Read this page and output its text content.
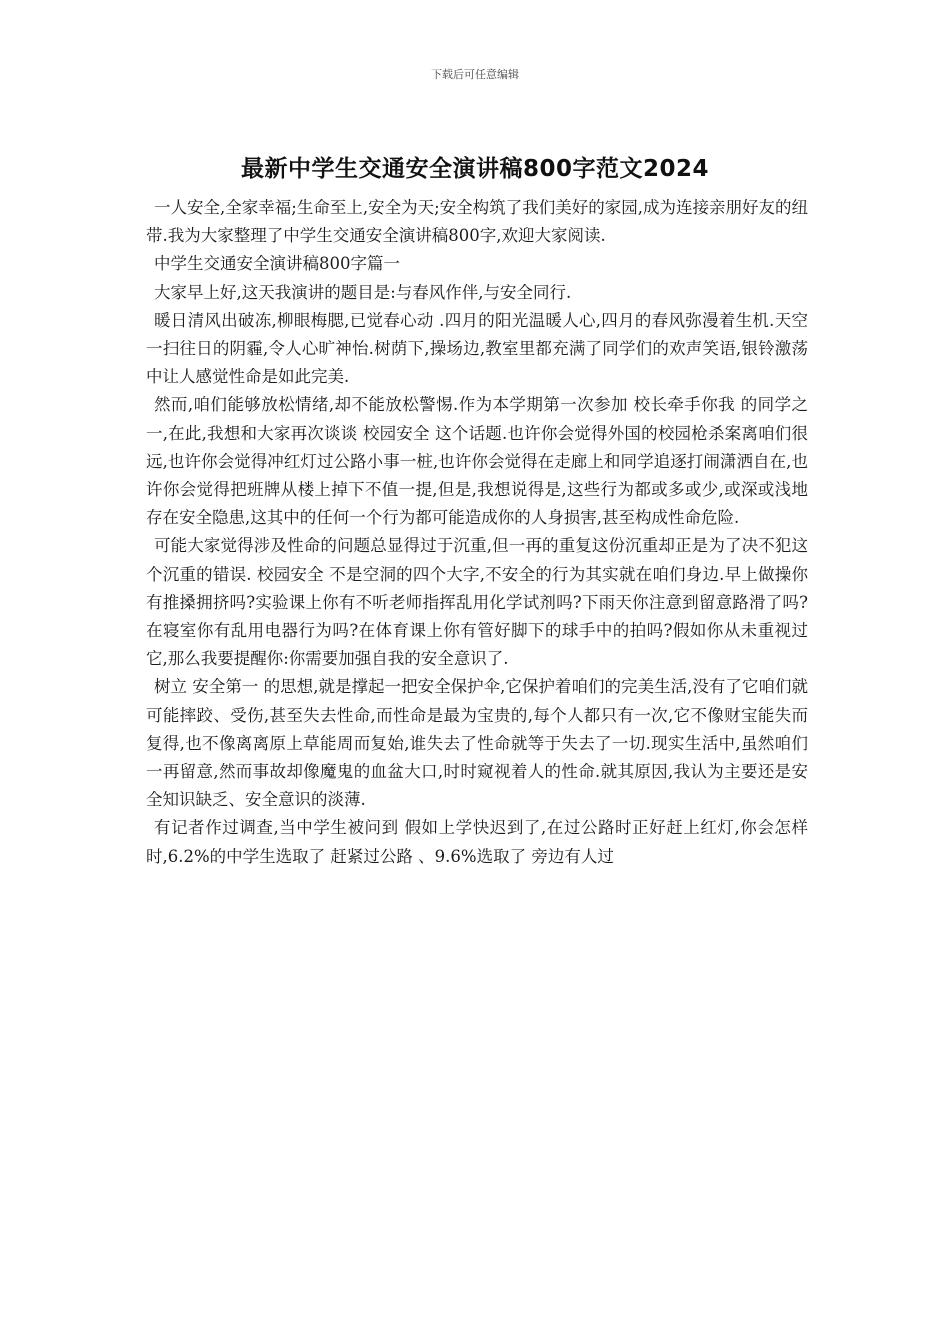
下载后可任意编辑
最新中学生交通安全演讲稿800字范文2024

一人安全,全家幸福;生命至上,安全为天;安全构筑了我们美好的家园,成为连接亲朋好友的纽带.我为大家整理了中学生交通安全演讲稿800字,欢迎大家阅读.

中学生交通安全演讲稿800字篇一

大家早上好,这天我演讲的题目是:与春风作伴,与安全同行.

暖日清风出破冻,柳眼梅腮,已觉春心动 .四月的阳光温暖人心,四月的春风弥漫着生机.天空一扫往日的阴霾,令人心旷神怡.树荫下,操场边,教室里都充满了同学们的欢声笑语,银铃激荡中让人感觉性命是如此完美.

然而,咱们能够放松情绪,却不能放松警惕.作为本学期第一次参加 校长牵手你我 的同学之一,在此,我想和大家再次谈谈 校园安全 这个话题.也许你会觉得外国的校园枪杀案离咱们很远,也许你会觉得冲红灯过公路小事一桩,也许你会觉得在走廊上和同学追逐打闹潇洒自在,也许你会觉得把班牌从楼上掉下不值一提,但是,我想说得是,这些行为都或多或少,或深或浅地存在安全隐患,这其中的任何一个行为都可能造成你的人身损害,甚至构成性命危险.

可能大家觉得涉及性命的问题总显得过于沉重,但一再的重复这份沉重却正是为了决不犯这个沉重的错误. 校园安全 不是空洞的四个大字,不安全的行为其实就在咱们身边.早上做操你有推搡拥挤吗?实验课上你有不听老师指挥乱用化学试剂吗?下雨天你注意到留意路滑了吗?在寝室你有乱用电器行为吗?在体育课上你有管好脚下的球手中的拍吗?假如你从未重视过它,那么我要提醒你:你需要加强自我的安全意识了.

树立 安全第一 的思想,就是撑起一把安全保护伞,它保护着咱们的完美生活,没有了它咱们就可能摔跤、受伤,甚至失去性命,而性命是最为宝贵的,每个人都只有一次,它不像财宝能失而复得,也不像离离原上草能周而复始,谁失去了性命就等于失去了一切.现实生活中,虽然咱们一再留意,然而事故却像魔鬼的血盆大口,时时窥视着人的性命.就其原因,我认为主要还是安全知识缺乏、安全意识的淡薄.

有记者作过调查,当中学生被问到 假如上学快迟到了,在过公路时正好赶上红灯,你会怎样 时,6.2%的中学生选取了 赶紧过公路 、9.6%选取了 旁边有人过
